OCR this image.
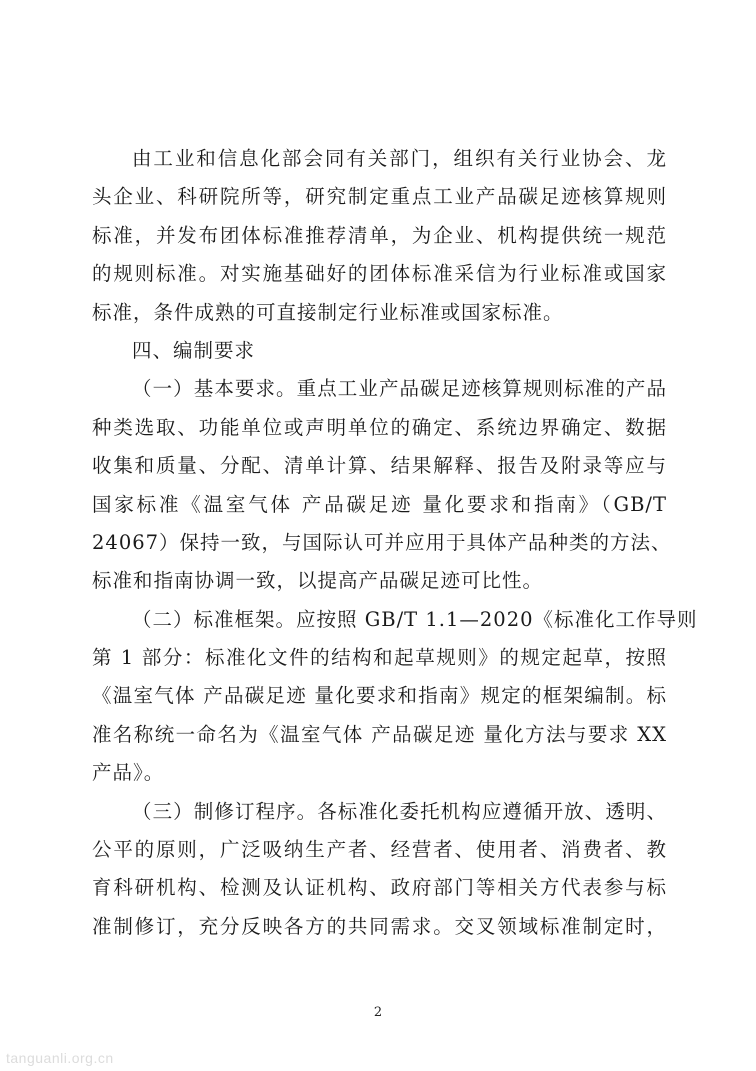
由工业和信息化部会同有关部门，组织有关行业协会、龙
头企业、科研院所等，研究制定重点工业产品碳足迹核算规则
标准，并发布团体标准推荐清单，为企业、机构提供统一规范
的规则标准。对实施基础好的团体标准采信为行业标准或国家
标准，条件成熟的可直接制定行业标准或国家标准。
四、编制要求
（一）基本要求。重点工业产品碳足迹核算规则标准的产品
种类选取、功能单位或声明单位的确定、系统边界确定、数据
收集和质量、分配、清单计算、结果解释、报告及附录等应与
国家标准《温室气体 产品碳足迹 量化要求和指南》（GB/T
24067）保持一致，与国际认可并应用于具体产品种类的方法、
标准和指南协调一致，以提高产品碳足迹可比性。
（二）标准框架。应按照 GB/T 1.1—2020《标准化工作导则
第 1 部分：标准化文件的结构和起草规则》的规定起草，按照
《温室气体 产品碳足迹 量化要求和指南》规定的框架编制。标
准名称统一命名为《温室气体 产品碳足迹 量化方法与要求 XX
产品》。
（三）制修订程序。各标准化委托机构应遵循开放、透明、
公平的原则，广泛吸纳生产者、经营者、使用者、消费者、教
育科研机构、检测及认证机构、政府部门等相关方代表参与标
准制修订，充分反映各方的共同需求。交叉领域标准制定时，
2
tanguanli.org.cn
